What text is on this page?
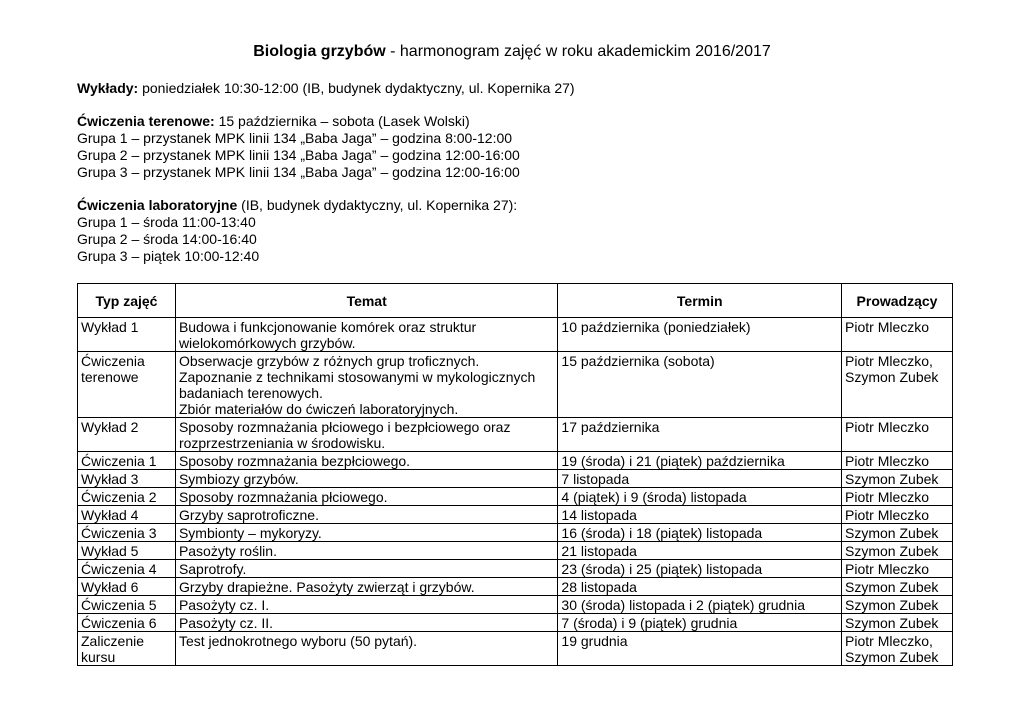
Biologia grzybów - harmonogram zajęć w roku akademickim 2016/2017
Wykłady: poniedziałek 10:30-12:00 (IB, budynek dydaktyczny, ul. Kopernika 27)
Ćwiczenia terenowe: 15 października – sobota (Lasek Wolski)
Grupa 1 – przystanek MPK linii 134 „Baba Jaga” – godzina 8:00-12:00
Grupa 2 – przystanek MPK linii 134 „Baba Jaga” – godzina 12:00-16:00
Grupa 3 – przystanek MPK linii 134 „Baba Jaga” – godzina 12:00-16:00
Ćwiczenia laboratoryjne (IB, budynek dydaktyczny, ul. Kopernika 27):
Grupa 1 – środa 11:00-13:40
Grupa 2 – środa 14:00-16:40
Grupa 3 – piątek 10:00-12:40
Typ zajęć	Temat	Termin	Prowadzący

Wykład 1	Budowa i funkcjonowanie komórek oraz struktur
wielokomórkowych grzybów.	10 października (poniedziałek)	Piotr Mleczko

Ćwiczenia
terenowe	Obserwacje grzybów z różnych grup troficznych.
Zapoznanie z technikami stosowanymi w mykologicznych
badaniach terenowych.
Zbiór materiałów do ćwiczeń laboratoryjnych.	15 października (sobota)	Piotr Mleczko,
Szymon Zubek

Wykład 2	Sposoby rozmnażania płciowego i bezpłciowego oraz
rozprzestrzeniania w środowisku.	17 października	Piotr Mleczko

Ćwiczenia 1	Sposoby rozmnażania bezpłciowego.	19 (środa) i 21 (piątek) października	Piotr Mleczko

Wykład 3	Symbiozy grzybów.	7 listopada	Szymon Zubek

Ćwiczenia 2	Sposoby rozmnażania płciowego.	4 (piątek) i 9 (środa) listopada	Piotr Mleczko

Wykład 4	Grzyby saprotroficzne.	14 listopada	Piotr Mleczko

Ćwiczenia 3	Symbionty – mykoryzy.	16 (środa) i 18 (piątek) listopada	Szymon Zubek

Wykład 5	Pasożyty roślin.	21 listopada	Szymon Zubek

Ćwiczenia 4	Saprotrofy.	23 (środa) i 25 (piątek) listopada	Piotr Mleczko

Wykład 6	Grzyby drapieżne. Pasożyty zwierząt i grzybów.	28 listopada	Szymon Zubek

Ćwiczenia 5	Pasożyty cz. I.	30 (środa) listopada i 2 (piątek) grudnia	Szymon Zubek

Ćwiczenia 6	Pasożyty cz. II.	7 (środa) i 9 (piątek) grudnia	Szymon Zubek

Zaliczenie
kursu	Test jednokrotnego wyboru (50 pytań).	19 grudnia	Piotr Mleczko,
Szymon Zubek
